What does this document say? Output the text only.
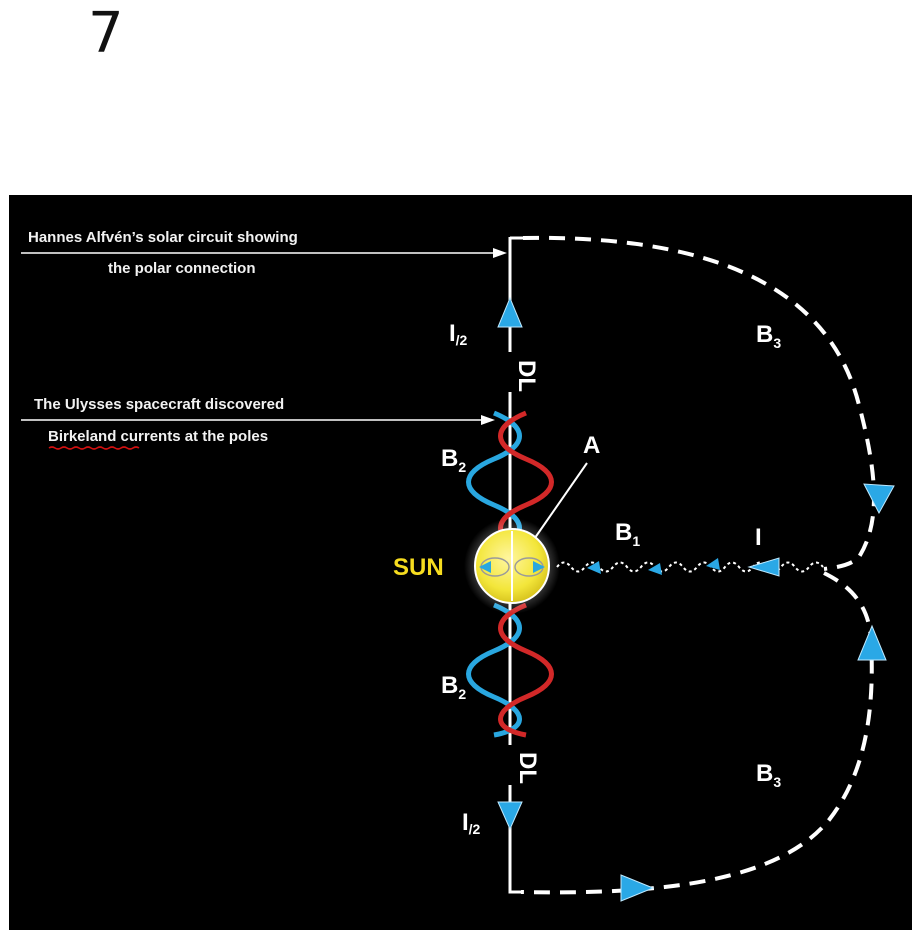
7
Hannes Alfvén’s solar circuit showing
the polar connection
The Ulysses spacecraft discovered
Birkeland currents at the poles
I/2
I/2
DL
DL
$B_2$
$B_2$
$B_3$
$B_3$
$B_1$	I
A
SUN
